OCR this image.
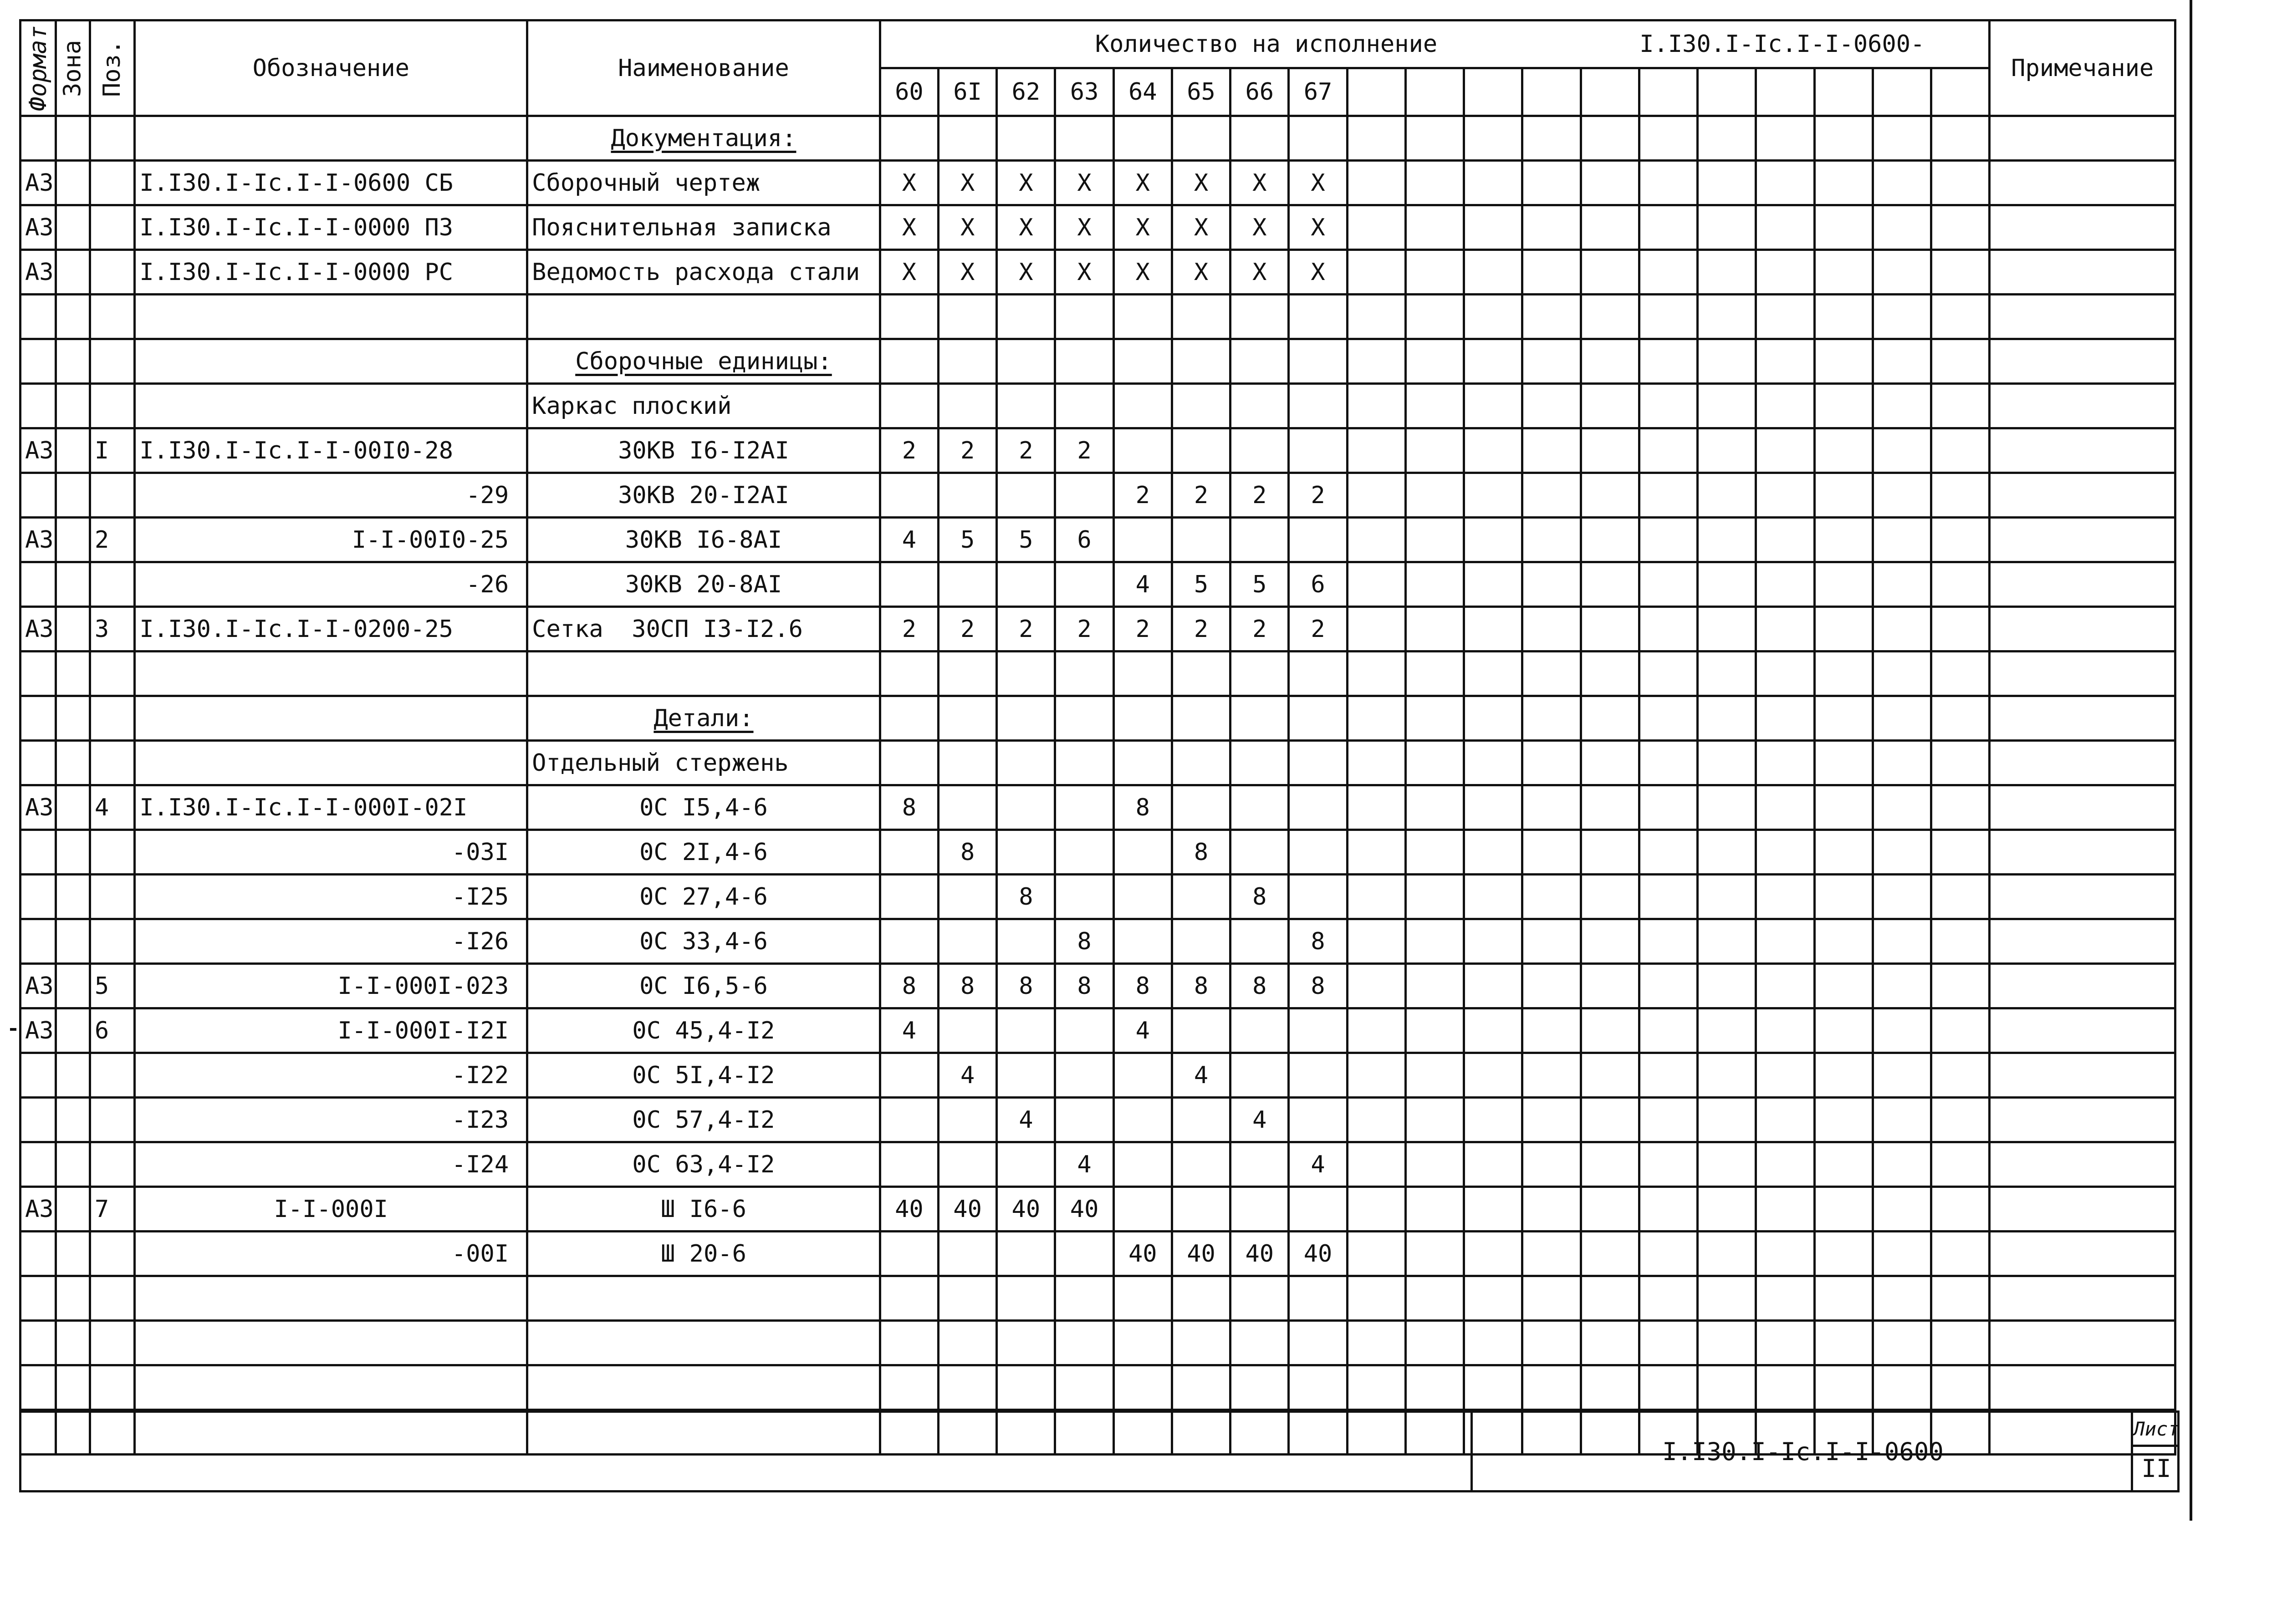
Формат	Зона	Поз.	Обозначение	Наименование	Количество на исполнение I.I30.I-Ic.I-I-0600-																			Примечание
					60	6I	62	63	64	65	66	67												
				Документация:																				
А3			I.I30.I-Ic.I-I-0600 СБ	Сборочный чертеж	X	X	X	X	X	X	X	X												
А3			I.I30.I-Ic.I-I-0000 ПЗ	Пояснительная записка	X	X	X	X	X	X	X	X												
А3			I.I30.I-Ic.I-I-0000 РС	Ведомость расхода стали	X	X	X	X	X	X	X	X												

				Сборочные единицы:																				
				Каркас плоский																				
А3		I	I.I30.I-Ic.I-I-00I0-28	30КВ I6-I2АI	2	2	2	2																
			-29	30КВ 20-I2АI					2	2	2	2												
А3		2	I-I-00I0-25	30КВ I6-8АI	4	5	5	6																
			-26	30КВ 20-8АI					4	5	5	6												
А3		3	I.I30.I-Ic.I-I-0200-25	Сетка  30СП I3-I2.6	2	2	2	2	2	2	2	2												

				Детали:																				
				Отдельный стержень																				
А3		4	I.I30.I-Ic.I-I-000I-02I	0С I5,4-6	8				8															
			-03I	0С 2I,4-6		8				8														
			-I25	0С 27,4-6			8				8													
			-I26	0С 33,4-6				8				8												
А3		5	I-I-000I-023	0С I6,5-6	8	8	8	8	8	8	8	8												
А3		6	I-I-000I-I2I	0С 45,4-I2	4				4															
			-I22	0С 5I,4-I2		4				4														
			-I23	0С 57,4-I2			4				4													
			-I24	0С 63,4-I2				4				4												
А3		7	I-I-000I	Ш I6-6	40	40	40	40																
			-00I	Ш 20-6					40	40	40	40												

I.I30.I-Ic.I-I-0600
Лист
II
